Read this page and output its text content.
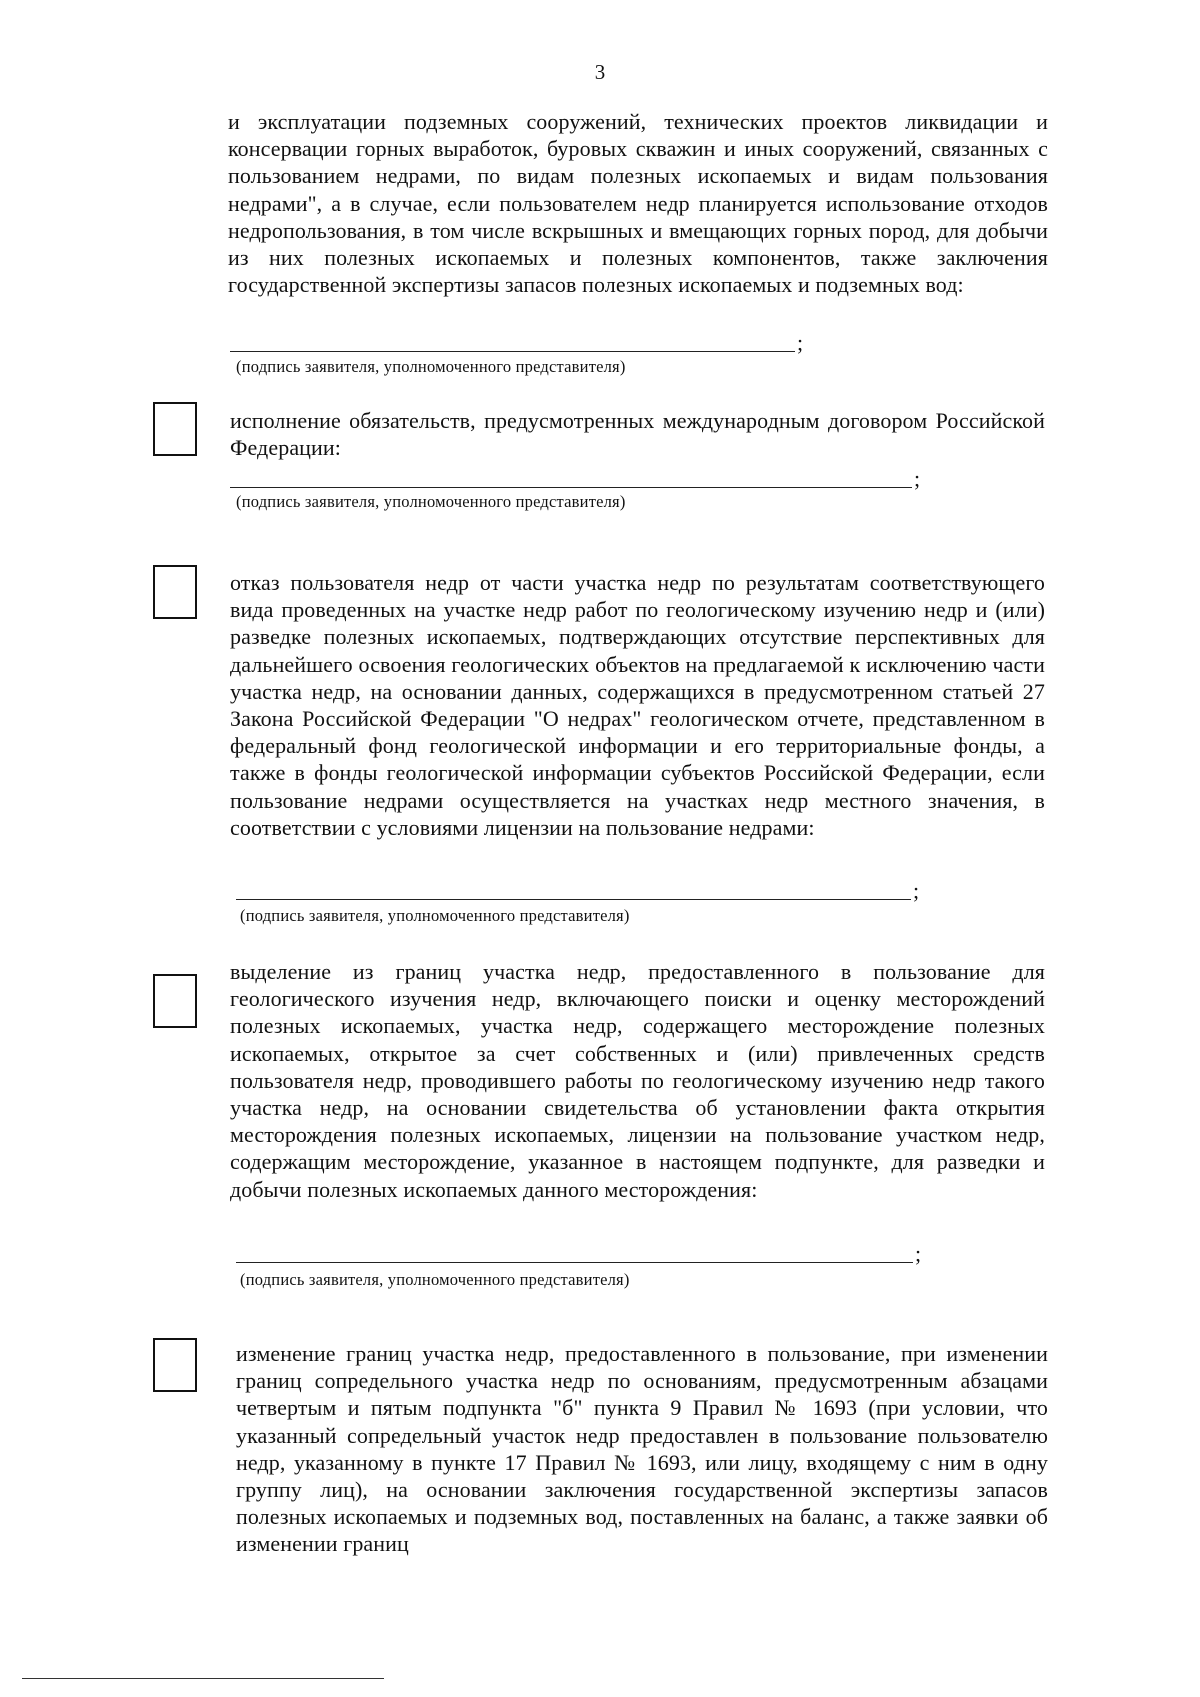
3
и эксплуатации подземных сооружений, технических проектов ликвидации и консервации горных выработок, буровых скважин и иных сооружений, связанных с пользованием недрами, по видам полезных ископаемых и видам пользования недрами", а в случае, если пользователем недр планируется использование отходов недропользования, в том числе вскрышных и вмещающих горных пород, для добычи из них полезных ископаемых и полезных компонентов, также заключения государственной экспертизы запасов полезных ископаемых и подземных вод:
;
(подпись заявителя, уполномоченного представителя)
исполнение обязательств, предусмотренных международным договором Российской Федерации:
;
(подпись заявителя, уполномоченного представителя)
отказ пользователя недр от части участка недр по результатам соответствующего вида проведенных на участке недр работ по геологическому изучению недр и (или) разведке полезных ископаемых, подтверждающих отсутствие перспективных для дальнейшего освоения геологических объектов на предлагаемой к исключению части участка недр, на основании данных, содержащихся в предусмотренном статьей 27 Закона Российской Федерации "О недрах" геологическом отчете, представленном в федеральный фонд геологической информации и его территориальные фонды, а также в фонды геологической информации субъектов Российской Федерации, если пользование недрами осуществляется на участках недр местного значения, в соответствии с условиями лицензии на пользование недрами:
;
(подпись заявителя, уполномоченного представителя)
выделение из границ участка недр, предоставленного в пользование для геологического изучения недр, включающего поиски и оценку месторождений полезных ископаемых, участка недр, содержащего месторождение полезных ископаемых, открытое за счет собственных и (или) привлеченных средств пользователя недр, проводившего работы по геологическому изучению недр такого участка недр, на основании свидетельства об установлении факта открытия месторождения полезных ископаемых, лицензии на пользование участком недр, содержащим месторождение, указанное в настоящем подпункте, для разведки и добычи полезных ископаемых данного месторождения:
;
(подпись заявителя, уполномоченного представителя)
изменение границ участка недр, предоставленного в пользование, при изменении границ сопредельного участка недр по основаниям, предусмотренным абзацами четвертым и пятым подпункта "б" пункта 9 Правил № 1693 (при условии, что указанный сопредельный участок недр предоставлен в пользование пользователю недр, указанному в пункте 17 Правил № 1693, или лицу, входящему с ним в одну группу лиц), на основании заключения государственной экспертизы запасов полезных ископаемых и подземных вод, поставленных на баланс, а также заявки об изменении границ
